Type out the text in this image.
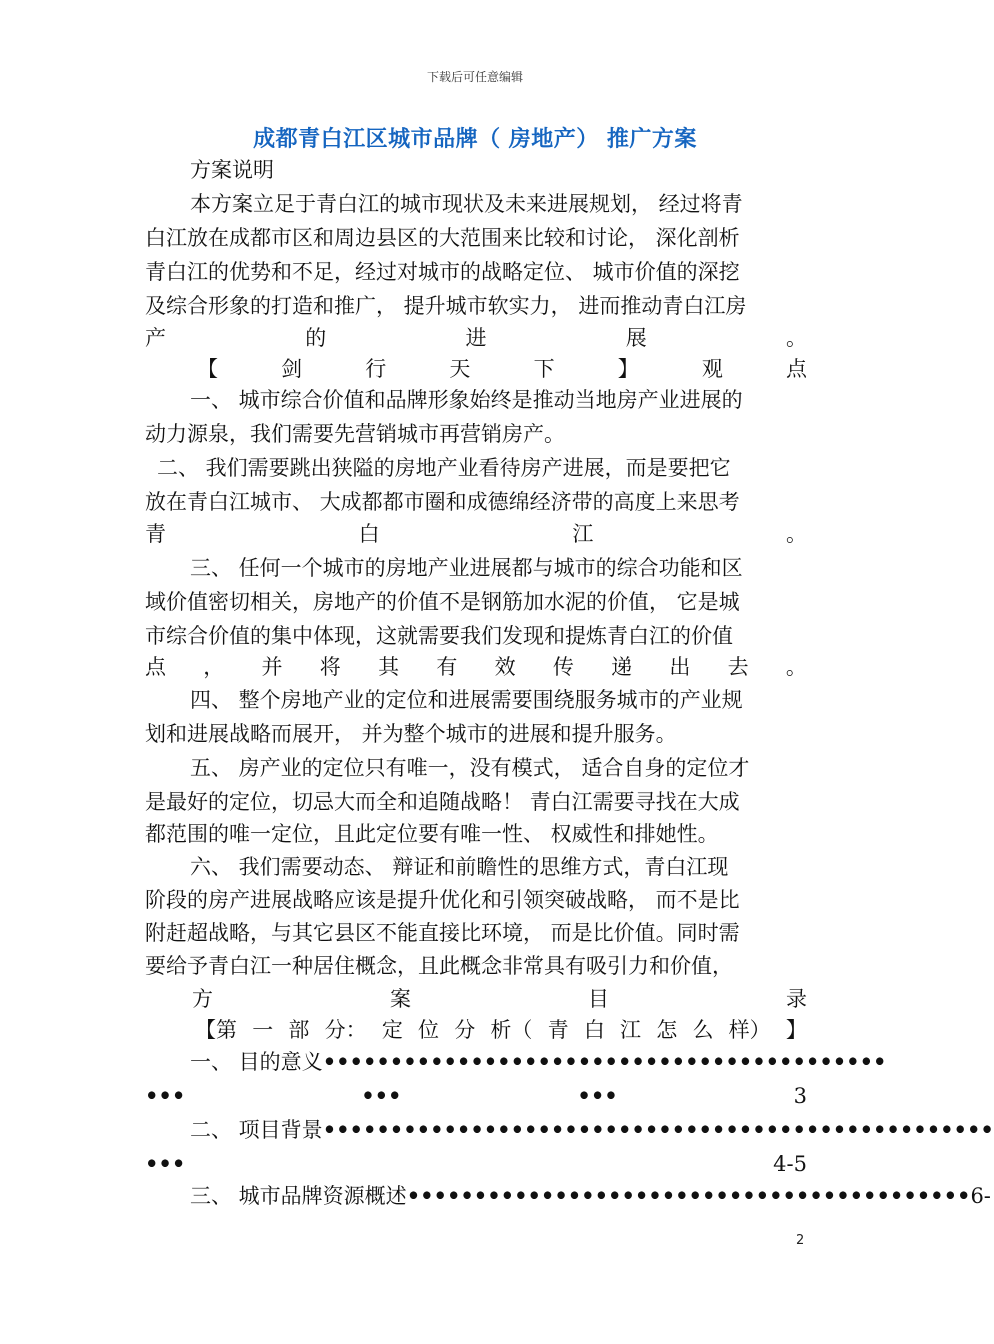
下载后可任意编辑
成都青白江区城市品牌（ 房地产） 推广方案
方案说明
本方案立足于青白江的城市现状及未来进展规划， 经过将青
白江放在成都市区和周边县区的大范围来比较和讨论， 深化剖析
青白江的优势和不足，经过对城市的战略定位、 城市价值的深挖
及综合形象的打造和推广， 提升城市软实力， 进而推动青白江房
产	的	进	展	。
【	剑	行	天	下	】	观	点
一、 城市综合价值和品牌形象始终是推动当地房产业进展的
动力源泉，我们需要先营销城市再营销房产。
二、 我们需要跳出狭隘的房地产业看待房产进展，而是要把它
放在青白江城市、 大成都都市圈和成德绵经济带的高度上来思考
青	白	江	。
三、 任何一个城市的房地产业进展都与城市的综合功能和区
域价值密切相关，房地产的价值不是钢筋加水泥的价值， 它是城
市综合价值的集中体现，这就需要我们发现和提炼青白江的价值
点 ， 并 将 其 有 效 传 递 出 去 。
四、 整个房地产业的定位和进展需要围绕服务城市的产业规
划和进展战略而展开， 并为整个城市的进展和提升服务。
五、 房产业的定位只有唯一，没有模式， 适合自身的定位才
是最好的定位，切忌大而全和追随战略！ 青白江需要寻找在大成
都范围的唯一定位，且此定位要有唯一性、 权威性和排她性。
六、 我们需要动态、 辩证和前瞻性的思维方式，青白江现
阶段的房产进展战略应该是提升优化和引领突破战略， 而不是比
附赶超战略，与其它县区不能直接比环境， 而是比价值。同时需
要给予青白江一种居住概念，且此概念非常具有吸引力和价值，
方	案	目	录
【第 一 部 分： 定 位 分 析（ 青 白 江 怎 么 样） 】
一、 目的意义••••••••••••••••••••••••••••••••••••••••••
•••	•••	•••	3
二、 项目背景••••••••••••••••••••••••••••••••••••••••••••••••••
•••	4-5
三、 城市品牌资源概述•••••••••••••••••••••••••••••••••••••••••• 6-
2
